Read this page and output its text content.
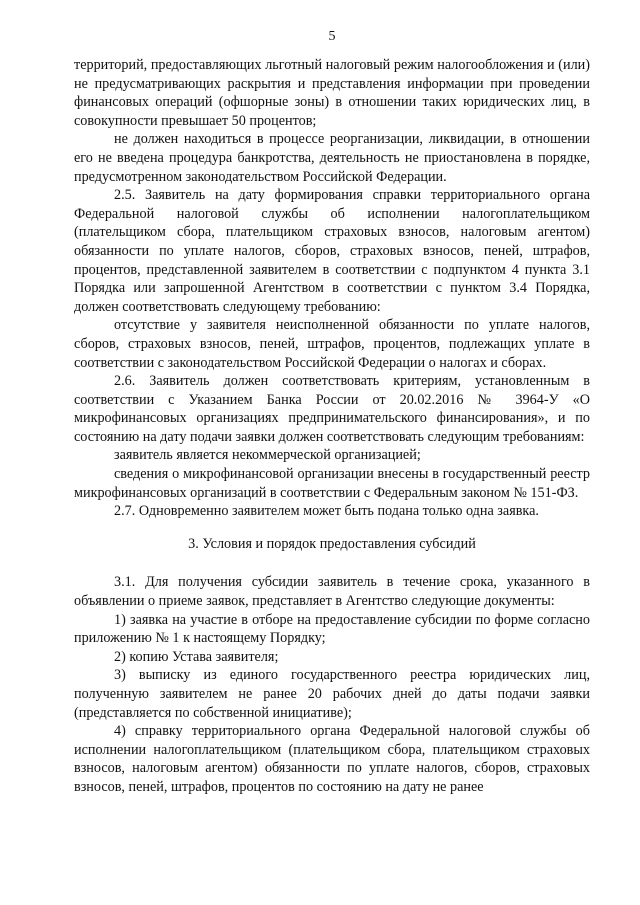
5

территорий, предоставляющих льготный налоговый режим налогообложения и (или) не предусматривающих раскрытия и представления информации при проведении финансовых операций (офшорные зоны) в отношении таких юридических лиц, в совокупности превышает 50 процентов;

не должен находиться в процессе реорганизации, ликвидации, в отношении его не введена процедура банкротства, деятельность не приостановлена в порядке, предусмотренном законодательством Российской Федерации.

2.5. Заявитель на дату формирования справки территориального органа Федеральной налоговой службы об исполнении налогоплательщиком (плательщиком сбора, плательщиком страховых взносов, налоговым агентом) обязанности по уплате налогов, сборов, страховых взносов, пеней, штрафов, процентов, представленной заявителем в соответствии с подпунктом 4 пункта 3.1 Порядка или запрошенной Агентством в соответствии с пунктом 3.4 Порядка, должен соответствовать следующему требованию:

отсутствие у заявителя неисполненной обязанности по уплате налогов, сборов, страховых взносов, пеней, штрафов, процентов, подлежащих уплате в соответствии с законодательством Российской Федерации о налогах и сборах.

2.6. Заявитель должен соответствовать критериям, установленным в соответствии с Указанием Банка России от 20.02.2016 № 3964-У «О микрофинансовых организациях предпринимательского финансирования», и по состоянию на дату подачи заявки должен соответствовать следующим требованиям:

заявитель является некоммерческой организацией;

сведения о микрофинансовой организации внесены в государственный реестр микрофинансовых организаций в соответствии с Федеральным законом № 151-ФЗ.

2.7. Одновременно заявителем может быть подана только одна заявка.

3. Условия и порядок предоставления субсидий

3.1. Для получения субсидии заявитель в течение срока, указанного в объявлении о приеме заявок, представляет в Агентство следующие документы:

1) заявка на участие в отборе на предоставление субсидии по форме согласно приложению № 1 к настоящему Порядку;

2) копию Устава заявителя;

3) выписку из единого государственного реестра юридических лиц, полученную заявителем не ранее 20 рабочих дней до даты подачи заявки (представляется по собственной инициативе);

4) справку территориального органа Федеральной налоговой службы об исполнении налогоплательщиком (плательщиком сбора, плательщиком страховых взносов, налоговым агентом) обязанности по уплате налогов, сборов, страховых взносов, пеней, штрафов, процентов по состоянию на дату не ранее
